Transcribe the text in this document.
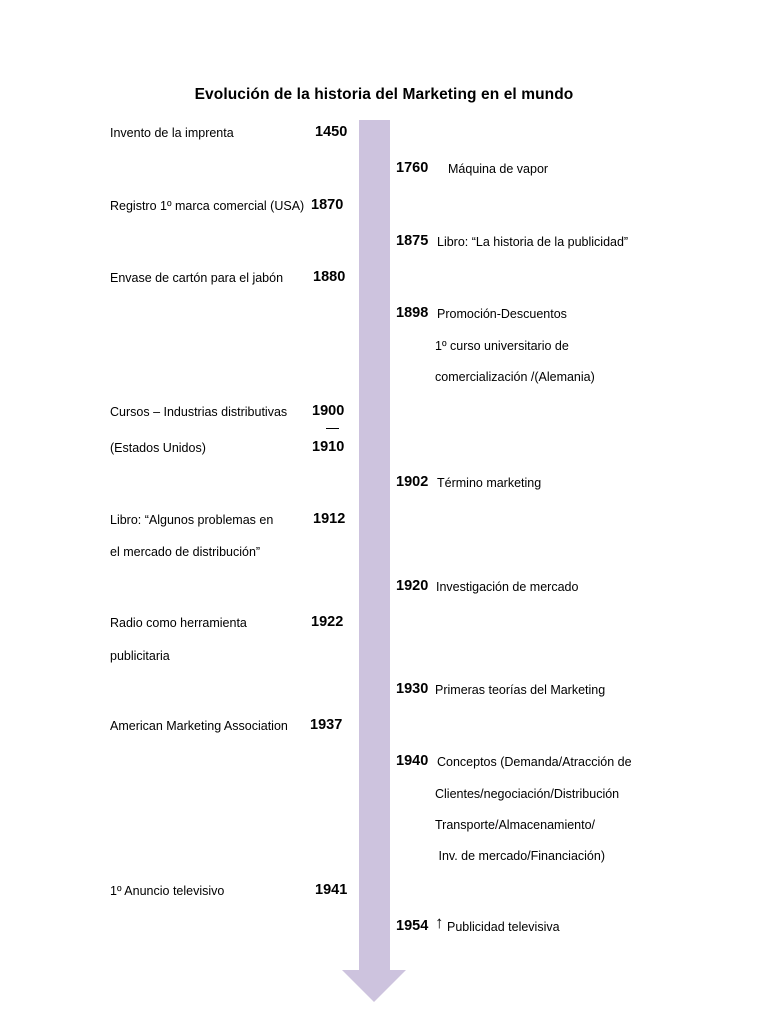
Evolución de la historia del Marketing en el mundo
Invento de la imprenta	1450
Registro 1º marca comercial (USA) 1870
Envase de cartón para el jabón 1880
Cursos – Industrias distributivas 1900
(Estados Unidos)	1910
Libro: “Algunos problemas en	1912
el mercado de distribución”
Radio como herramienta	1922
publicitaria
American Marketing Association 1937
1º Anuncio televisivo	1941
1760 Máquina de vapor
1875 Libro: “La historia de la publicidad”
1898 Promoción-Descuentos
1º curso universitario de
comercialización /(Alemania)
1902 Término marketing
1920 Investigación de mercado
1930 Primeras teorías del Marketing
1940 Conceptos (Demanda/Atracción de
Clientes/negociación/Distribución
Transporte/Almacenamiento/
Inv. de mercado/Financiación)
1954 ↑ Publicidad televisiva
